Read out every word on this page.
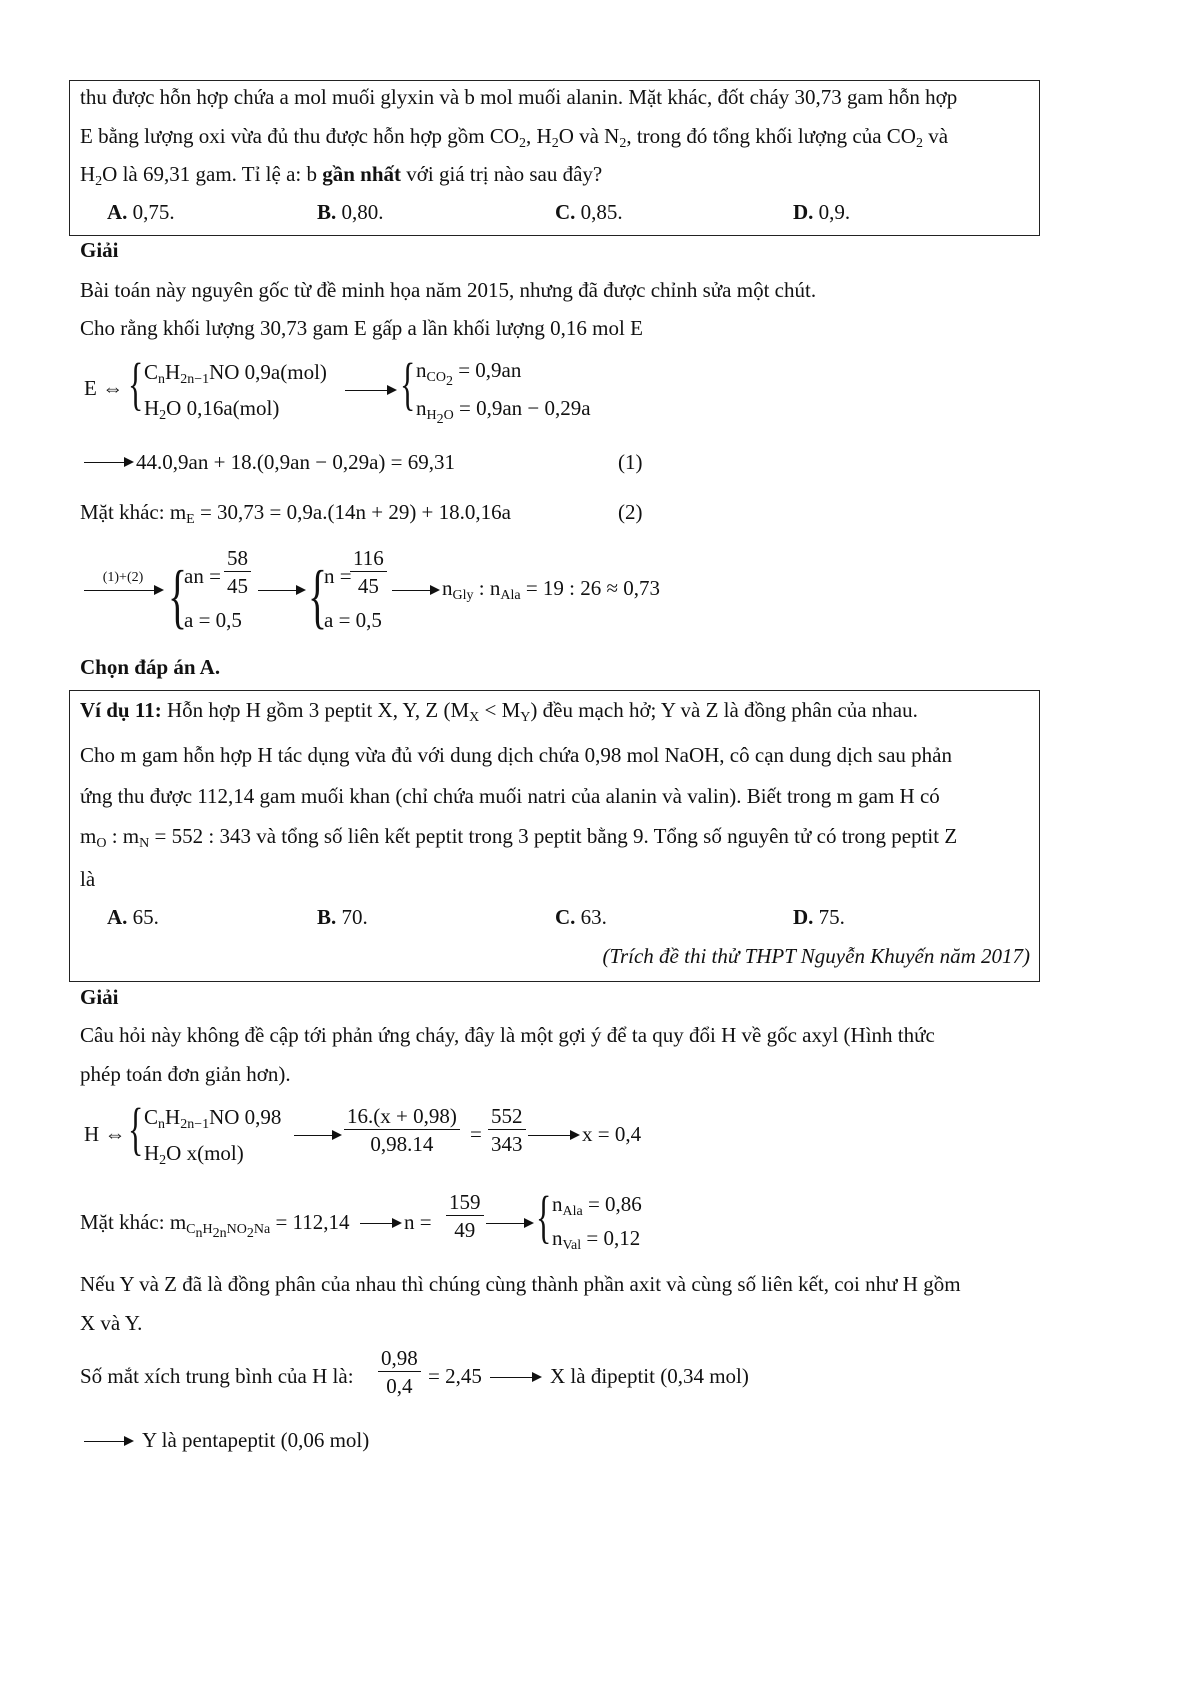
thu được hỗn hợp chứa a mol muối glyxin và b mol muối alanin. Mặt khác, đốt cháy 30,73 gam hỗn hợp
E bằng lượng oxi vừa đủ thu được hỗn hợp gồm $CO_2$, $H_2O$ và $N_2$, trong đó tổng khối lượng của $CO_2$ và
$H_2O$ là 69,31 gam. Tỉ lệ a: b gần nhất với giá trị nào sau đây?
A. 0,75.	B. 0,80.	C. 0,85.	D. 0,9.
Giải
Bài toán này nguyên gốc từ đề minh họa năm 2015, nhưng đã được chỉnh sửa một chút.
Cho rằng khối lượng 30,73 gam E gấp a lần khối lượng 0,16 mol E
E ⇔ { $C_nH_{2n-1}NO$ 0,9a(mol)
$H_2O$ 0,16a(mol) → { $n_{CO_2} = 0,9an$
$n_{H_2O} = 0,9an - 0,29a$
→ 44.0,9an + 18.(0,9an − 0,29a) = 69,31	(1)
Mặt khác: $m_E = 30,73 = 0,9a.(14n + 29) + 18.0,16a$	(2)
(1)+(2) {
an = $\frac{58}{45}$
a = 0,5 → {
n =
$\frac{116}{45}$
a = 0,5
→ $n_{Gly}$ : $n_{Ala} = 19$ : 26 ≈ 0,73
Chọn đáp án A.
Ví dụ 11: Hỗn hợp H gồm 3 peptit X, Y, Z $(M_X < M_Y)$ đều mạch hở; Y và Z là đồng phân của nhau.
Cho m gam hỗn hợp H tác dụng vừa đủ với dung dịch chứa 0,98 mol NaOH, cô cạn dung dịch sau phản
ứng thu được 112,14 gam muối khan (chỉ chứa muối natri của alanin và valin). Biết trong m gam H có
$m_O$ : $m_N = 552$ : 343 và tổng số liên kết peptit trong 3 peptit bằng 9. Tổng số nguyên tử có trong peptit Z
là
A. 65.	B. 70.	C. 63.	D. 75.
(Trích đề thi thử THPT Nguyễn Khuyến năm 2017)
Giải
Câu hỏi này không đề cập tới phản ứng cháy, đây là một gợi ý để ta quy đổi H về gốc axyl (Hình thức
phép toán đơn giản hơn).
H ⇔ { $C_nH_{2n-1}NO$ 0,98
$H_2O$ x(mol)	$\frac{16.(x + 0,98)}{0,98.14} = \frac{552}{343} \to x = 0,4$
Mặt khác: $m_{C_nH_{2n}NO_2Na} = 112,14 \to n = \frac{159}{49}$ → { $n_{Ala} = 0,86$
$n_{Val} = 0,12$
Nếu Y và Z đã là đồng phân của nhau thì chúng cùng thành phần axit và cùng số liên kết, coi như H gồm
X và Y.
Số mắt xích trung bình của H là: $\frac{0,98}{0,4} = 2,45 \to X$ là đipeptit (0,34 mol)
→ Y là pentapeptit (0,06 mol)
